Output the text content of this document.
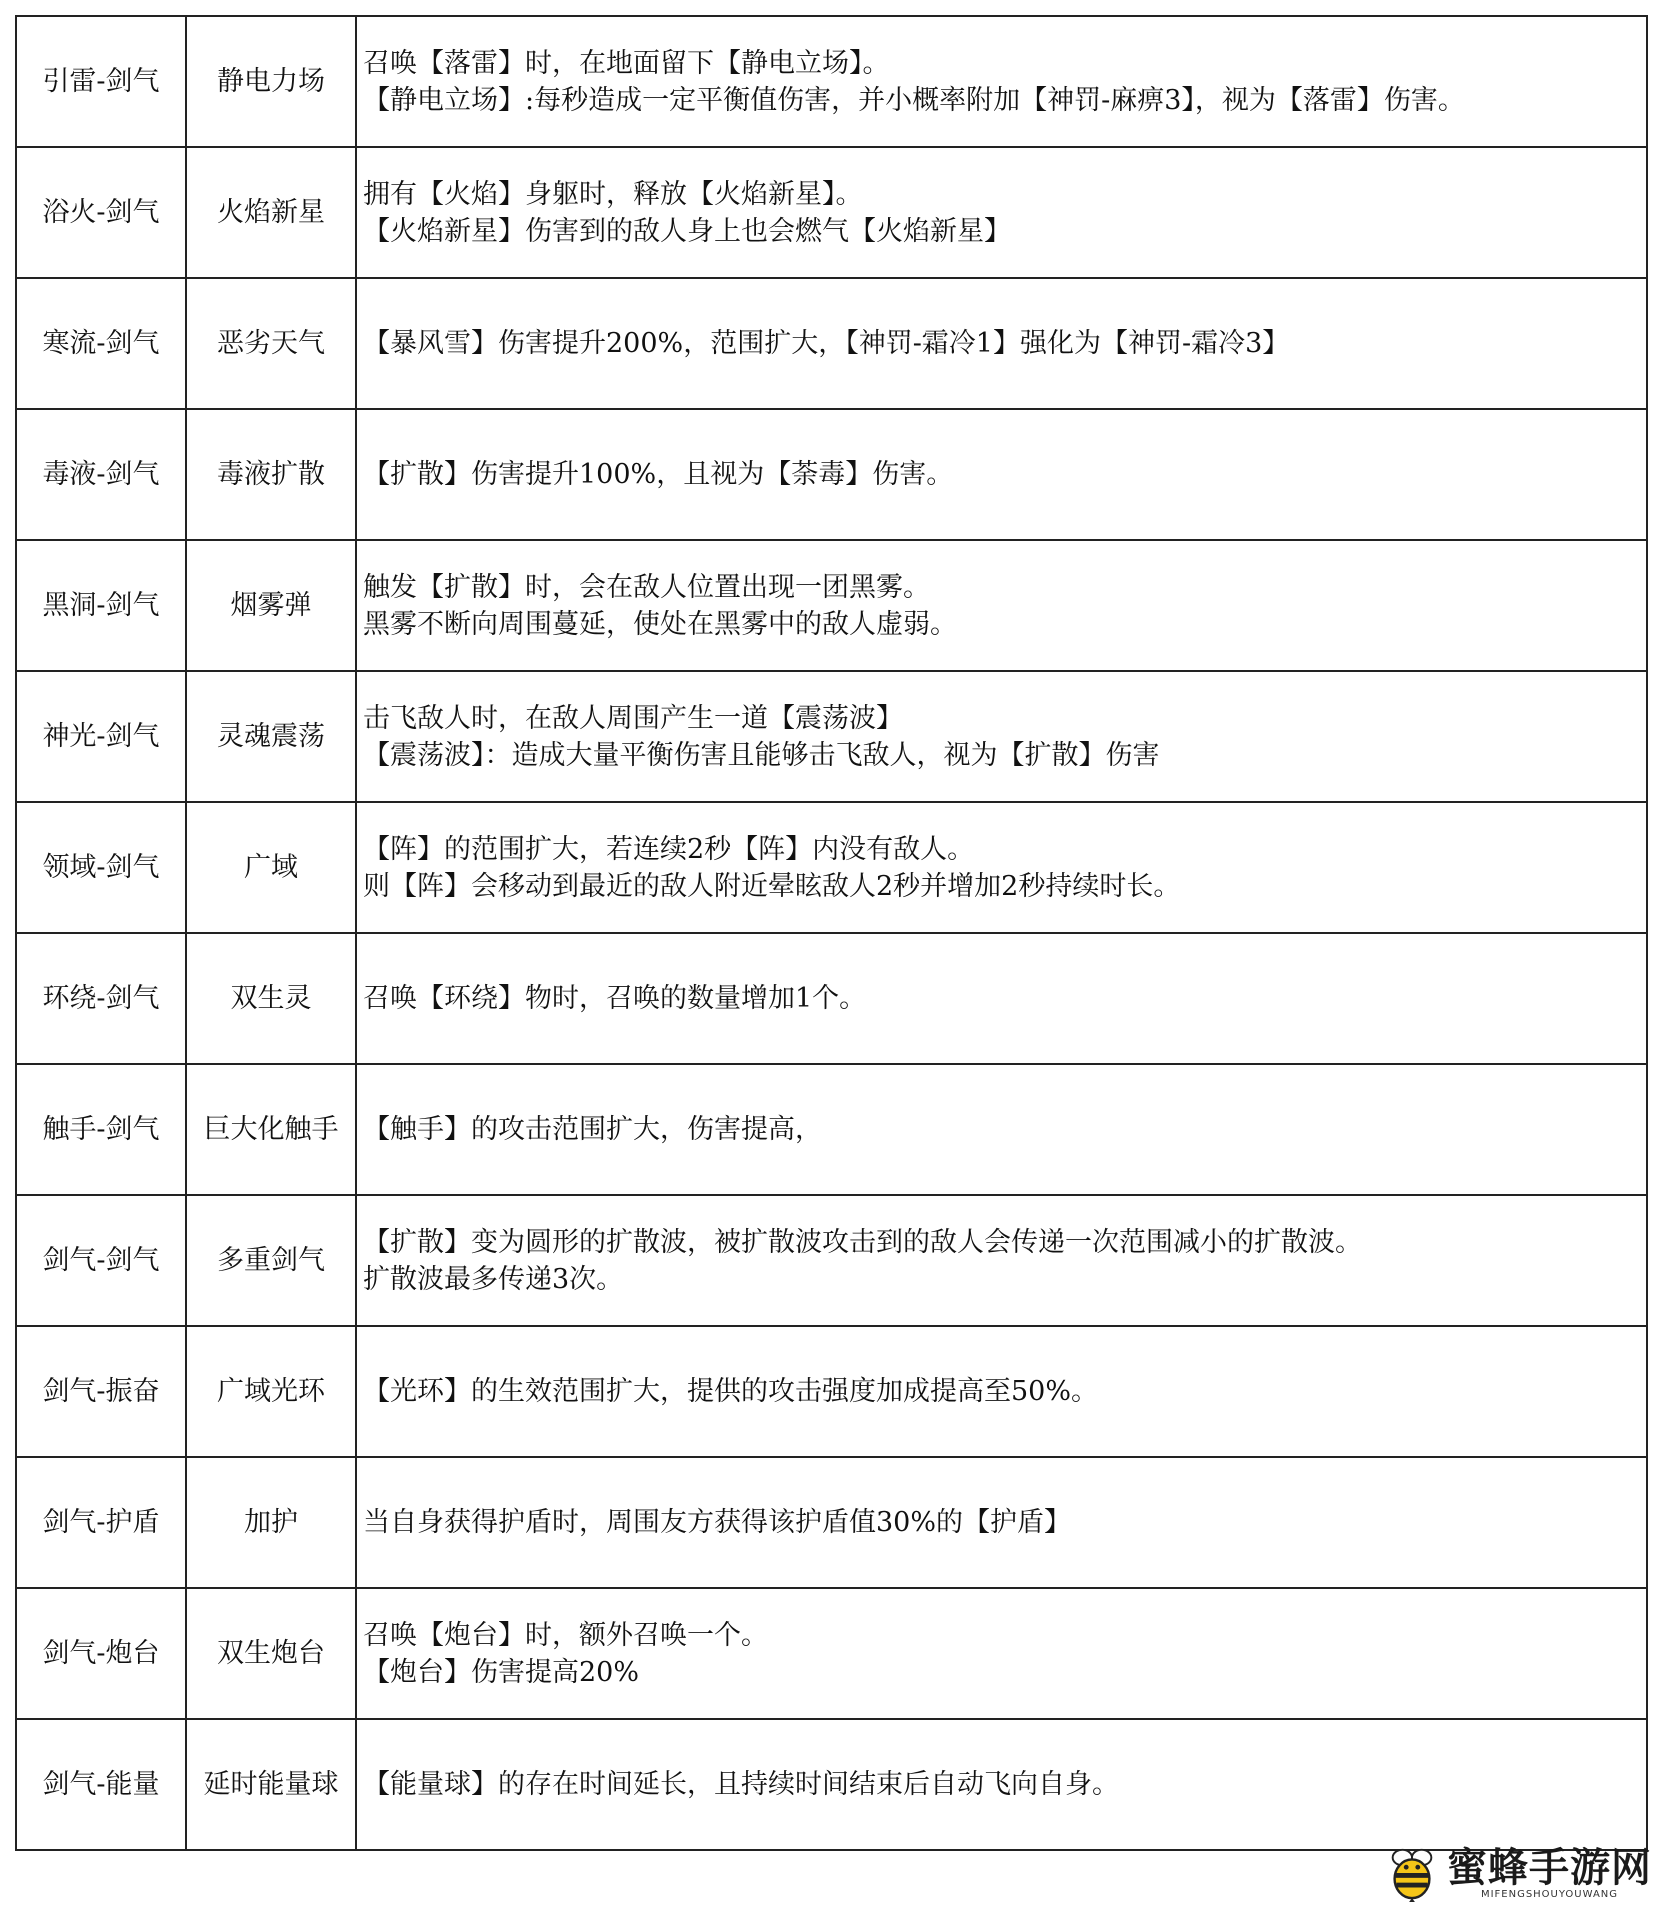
引雷-剑气	静电力场	召唤【落雷】时，在地面留下【静电立场】。
【静电立场】:每秒造成一定平衡值伤害，并小概率附加【神罚-麻痹3】，视为【落雷】伤害。

浴火-剑气	火焰新星	拥有【火焰】身躯时，释放【火焰新星】。
【火焰新星】伤害到的敌人身上也会燃气【火焰新星】

寒流-剑气	恶劣天气	【暴风雪】伤害提升200%，范围扩大，【神罚-霜冷1】强化为【神罚-霜冷3】

毒液-剑气	毒液扩散	【扩散】伤害提升100%，且视为【荼毒】伤害。

黑洞-剑气	烟雾弹	触发【扩散】时，会在敌人位置出现一团黑雾。
黑雾不断向周围蔓延，使处在黑雾中的敌人虚弱。

神光-剑气	灵魂震荡	击飞敌人时，在敌人周围产生一道【震荡波】
【震荡波】：造成大量平衡伤害且能够击飞敌人，视为【扩散】伤害

领域-剑气	广域	【阵】的范围扩大，若连续2秒【阵】内没有敌人。
则【阵】会移动到最近的敌人附近晕眩敌人2秒并增加2秒持续时长。

环绕-剑气	双生灵	召唤【环绕】物时，召唤的数量增加1个。

触手-剑气	巨大化触手	【触手】的攻击范围扩大，伤害提高，

剑气-剑气	多重剑气	【扩散】变为圆形的扩散波，被扩散波攻击到的敌人会传递一次范围减小的扩散波。
扩散波最多传递3次。

剑气-振奋	广域光环	【光环】的生效范围扩大，提供的攻击强度加成提高至50%。

剑气-护盾	加护	当自身获得护盾时，周围友方获得该护盾值30%的【护盾】

剑气-炮台	双生炮台	召唤【炮台】时，额外召唤一个。
【炮台】伤害提高20%

剑气-能量	延时能量球	【能量球】的存在时间延长，且持续时间结束后自动飞向自身。
蜜蜂手游网
MIFENGSHOUYOUWANG
